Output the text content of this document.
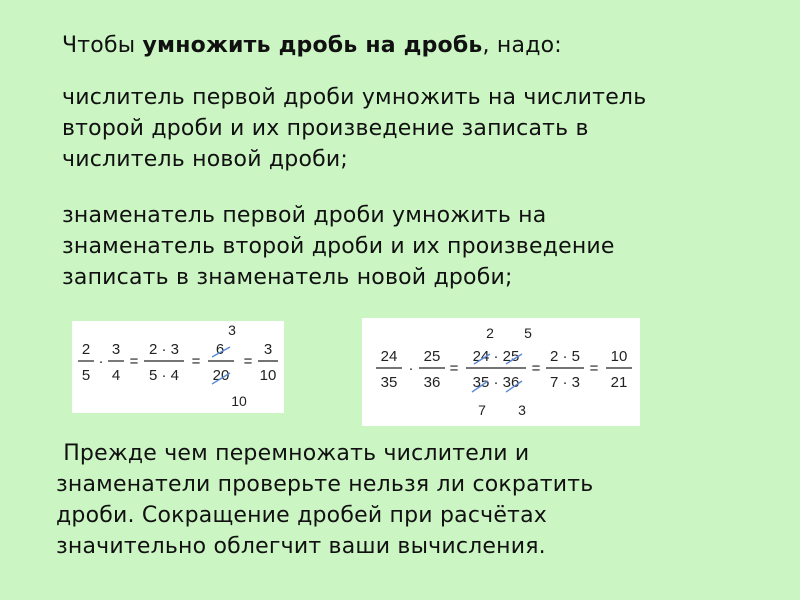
Чтобы умножить дробь на дробь, надо:
числитель первой дроби умножить на числитель
второй дроби и их произведение записать в
числитель новой дроби;
знаменатель первой дроби умножить на
знаменатель второй дроби и их произведение
записать в знаменатель новой дроби;
2
5
·
3
4
=
2 · 3
5 · 4
=
3
6
20
10
=
3
10
24
35
·
25
36
=
2 5
24 · 25
35 · 36
7 3
=
2 · 5
7 · 3
=
10
21
Прежде чем перемножать числители и
знаменатели проверьте нельзя ли сократить
дроби. Сокращение дробей при расчётах
значительно облегчит ваши вычисления.
